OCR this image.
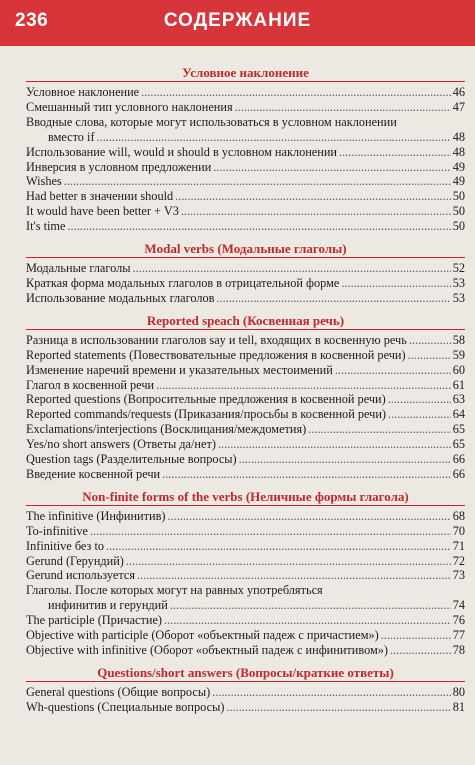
236	СОДЕРЖАНИЕ
Условное наклонение
Условное наклонение .....	46
Смешанный тип условного наклонения .....	47
Вводные слова, которые могут использоваться в условном наклонении
вместо if .....	48
Использование will, would и should в условном наклонении .....	48
Инверсия в условном предложении .....	49
Wishes .....	49
Had better в значении should .....	50
It would have been better + V3 .....	50
It's time .....	50
Modal verbs (Модальные глаголы)
Модальные глаголы .....	52
Краткая форма модальных глаголов в отрицательной форме .....	53
Использование модальных глаголов .....	53
Reported speach (Косвенная речь)
Разница в использовании глаголов say и tell, входящих в косвенную речь .....	58
Reported statements (Повествовательные предложения в косвенной речи) .....	59
Изменение наречий времени и указательных местоимений .....	60
Глагол в косвенной речи .....	61
Reported questions (Вопросительные предложения в косвенной речи) .....	63
Reported commands/requests (Приказания/просьбы в косвенной речи) .....	64
Exclamations/interjections (Восклицания/междометия) .....	65
Yes/no short answers (Ответы да/нет) .....	65
Question tags (Разделительные вопросы) .....	66
Введение косвенной речи .....	66
Non-finite forms of the verbs (Неличные формы глагола)
The infinitive (Инфинитив) .....	68
To-infinitive .....	70
Infinitive без to .....	71
Gerund (Герундий) .....	72
Gerund используется .....	73
Глаголы. После которых могут на равных употребляться
инфинитив и герундий .....	74
The participle (Причастие) .....	76
Objective with participle (Оборот «объектный падеж с причастием») .....	77
Objective with infinitive (Оборот «объектный падеж с инфинитивом») .....	78
Questions/short answers (Вопросы/краткие ответы)
General questions (Общие вопросы) .....	80
Wh-questions (Специальные вопросы) .....	81
